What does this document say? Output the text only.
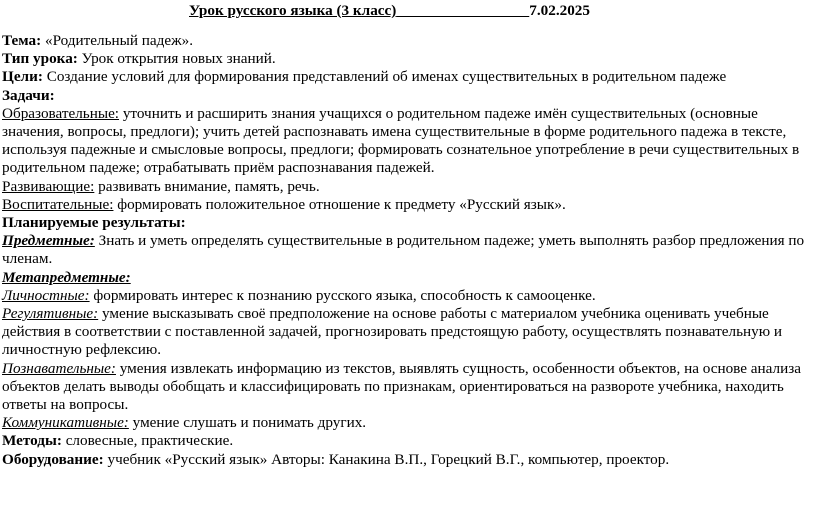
Урок русского языка (3 класс)	7.02.2025

Тема: «Родительный падеж».

Тип урока: Урок открытия новых знаний.

Цели: Создание условий для формирования представлений об именах существительных в родительном падеже

Задачи:

Образовательные: уточнить и расширить знания учащихся о родительном падеже имён существительных (основные значения, вопросы, предлоги); учить детей распознавать имена существительные в форме родительного падежа в тексте, используя падежные и смысловые вопросы, предлоги; формировать сознательное употребление в речи существительных в родительном падеже; отрабатывать приём распознавания падежей.

Развивающие: развивать внимание, память, речь.

Воспитательные: формировать положительное отношение к предмету «Русский язык».

Планируемые результаты:

Предметные: Знать и уметь определять существительные в родительном падеже; уметь выполнять разбор предложения по членам.

Метапредметные:

Личностные: формировать интерес к познанию русского языка, способность к самооценке.

Регулятивные: умение высказывать своё предположение на основе работы с материалом учебника оценивать учебные действия в соответствии с поставленной задачей, прогнозировать предстоящую работу, осуществлять познавательную и личностную рефлексию.

Познавательные: умения извлекать информацию из текстов, выявлять сущность, особенности объектов, на основе анализа объектов делать выводы обобщать и классифицировать по признакам, ориентироваться на развороте учебника, находить ответы на вопросы.

Коммуникативные: умение слушать и понимать других.

Методы: словесные, практические.

Оборудование: учебник «Русский язык» Авторы: Канакина В.П., Горецкий В.Г., компьютер, проектор.
